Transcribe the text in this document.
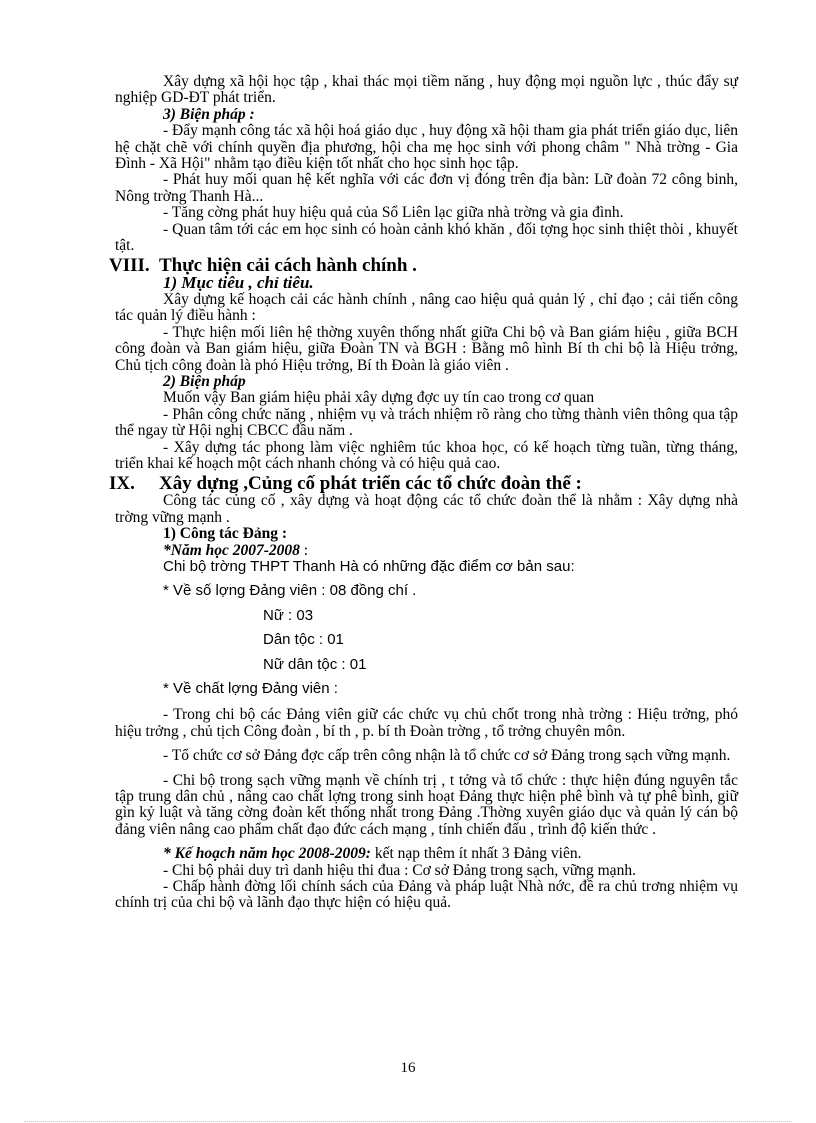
Xây dựng xã hội học tập , khai thác mọi tiềm năng , huy động mọi nguồn lực , thúc đẩy sự nghiệp GD-ĐT phát triển.

3) Biện pháp :

- Đẩy mạnh công tác xã hội hoá giáo dục , huy động xã hội tham gia phát triển giáo dục, liên hệ chặt chẽ với chính quyền địa phương, hội cha mẹ học sinh với phong châm " Nhà trờng - Gia Đình - Xã Hội" nhằm tạo điều kiện tốt nhất cho học sinh học tập.

- Phát huy mối quan hệ kết nghĩa với các đơn vị đóng trên địa bàn: Lữ đoàn 72 công binh, Nông trờng Thanh Hà...

- Tăng cờng phát huy hiệu quả của Sổ Liên lạc giữa nhà trờng và gia đình.

- Quan tâm tới các em học sinh có hoàn cảnh khó khăn , đối tợng học sinh thiệt thòi , khuyết tật.

VIII. Thực hiện cải cách hành chính .

1) Mục tiêu , chỉ tiêu.

Xây dựng kế hoạch cải các hành chính , nâng cao hiệu quả quản lý , chỉ đạo ; cải tiến công tác quản lý điều hành :

- Thực hiện mối liên hệ thờng xuyên thống nhất giữa Chi bộ và Ban giám hiệu , giữa BCH công đoàn và Ban giám hiệu, giữa Đoàn TN và BGH : Bằng mô hình Bí th chi bộ là Hiệu trởng, Chủ tịch công đoàn là phó Hiệu trởng, Bí th Đoàn là giáo viên .

2) Biện pháp

Muốn vậy Ban giám hiệu phải xây dựng đợc uy tín cao trong cơ quan

- Phân công chức năng , nhiệm vụ và trách nhiệm rõ ràng cho từng thành viên thông qua tập thể ngay từ Hội nghị CBCC đầu năm .

- Xây dựng tác phong làm việc nghiêm túc khoa học, có kế hoạch từng tuần, từng tháng, triển khai kế hoạch một cách nhanh chóng và có hiệu quả cao.

IX. Xây dựng ,Củng cố phát triển các tổ chức đoàn thể :

Công tác củng cố , xây dựng và hoạt động các tổ chức đoàn thể là nhằm : Xây dựng nhà trờng vững mạnh .

1) Công tác Đảng :

*Năm học 2007-2008 :

Chi bộ trờng THPT Thanh Hà có những đặc điểm cơ bản sau:

* Về số lợng Đảng viên : 08 đồng chí .

Nữ : 03

Dân tộc : 01

Nữ dân tộc : 01

* Về chất lợng Đảng viên :

- Trong chi bộ các Đảng viên giữ các chức vụ chủ chốt trong nhà trờng : Hiệu trởng, phó hiệu trởng , chủ tịch Công đoàn , bí th , p. bí th Đoàn trờng , tổ trởng chuyên môn.

- Tổ chức cơ sở Đảng đợc cấp trên công nhận là tổ chức cơ sở Đảng trong sạch vững mạnh.

- Chi bộ trong sạch vững mạnh về chính trị , t tởng và tổ chức : thực hiện đúng nguyên tắc tập trung dân chủ , nâng cao chất lợng trong sinh hoạt Đảng thực hiện phê bình và tự phê bình, giữ gìn kỷ luật và tăng cờng đoàn kết thống nhất trong Đảng .Thờng xuyên giáo dục và quản lý cán bộ đảng viên nâng cao phẩm chất đạo đức cách mạng , tính chiến đấu , trình độ kiến thức .

* Kế hoạch năm học 2008-2009: kết nạp thêm ít nhất 3 Đảng viên.

- Chi bộ phải duy trì danh hiệu thi đua : Cơ sở Đảng trong sạch, vững mạnh.

- Chấp hành đờng lối chính sách của Đảng và pháp luật Nhà nớc, đề ra chủ trơng nhiệm vụ chính trị của chi bộ và lãnh đạo thực hiện có hiệu quả.

16
